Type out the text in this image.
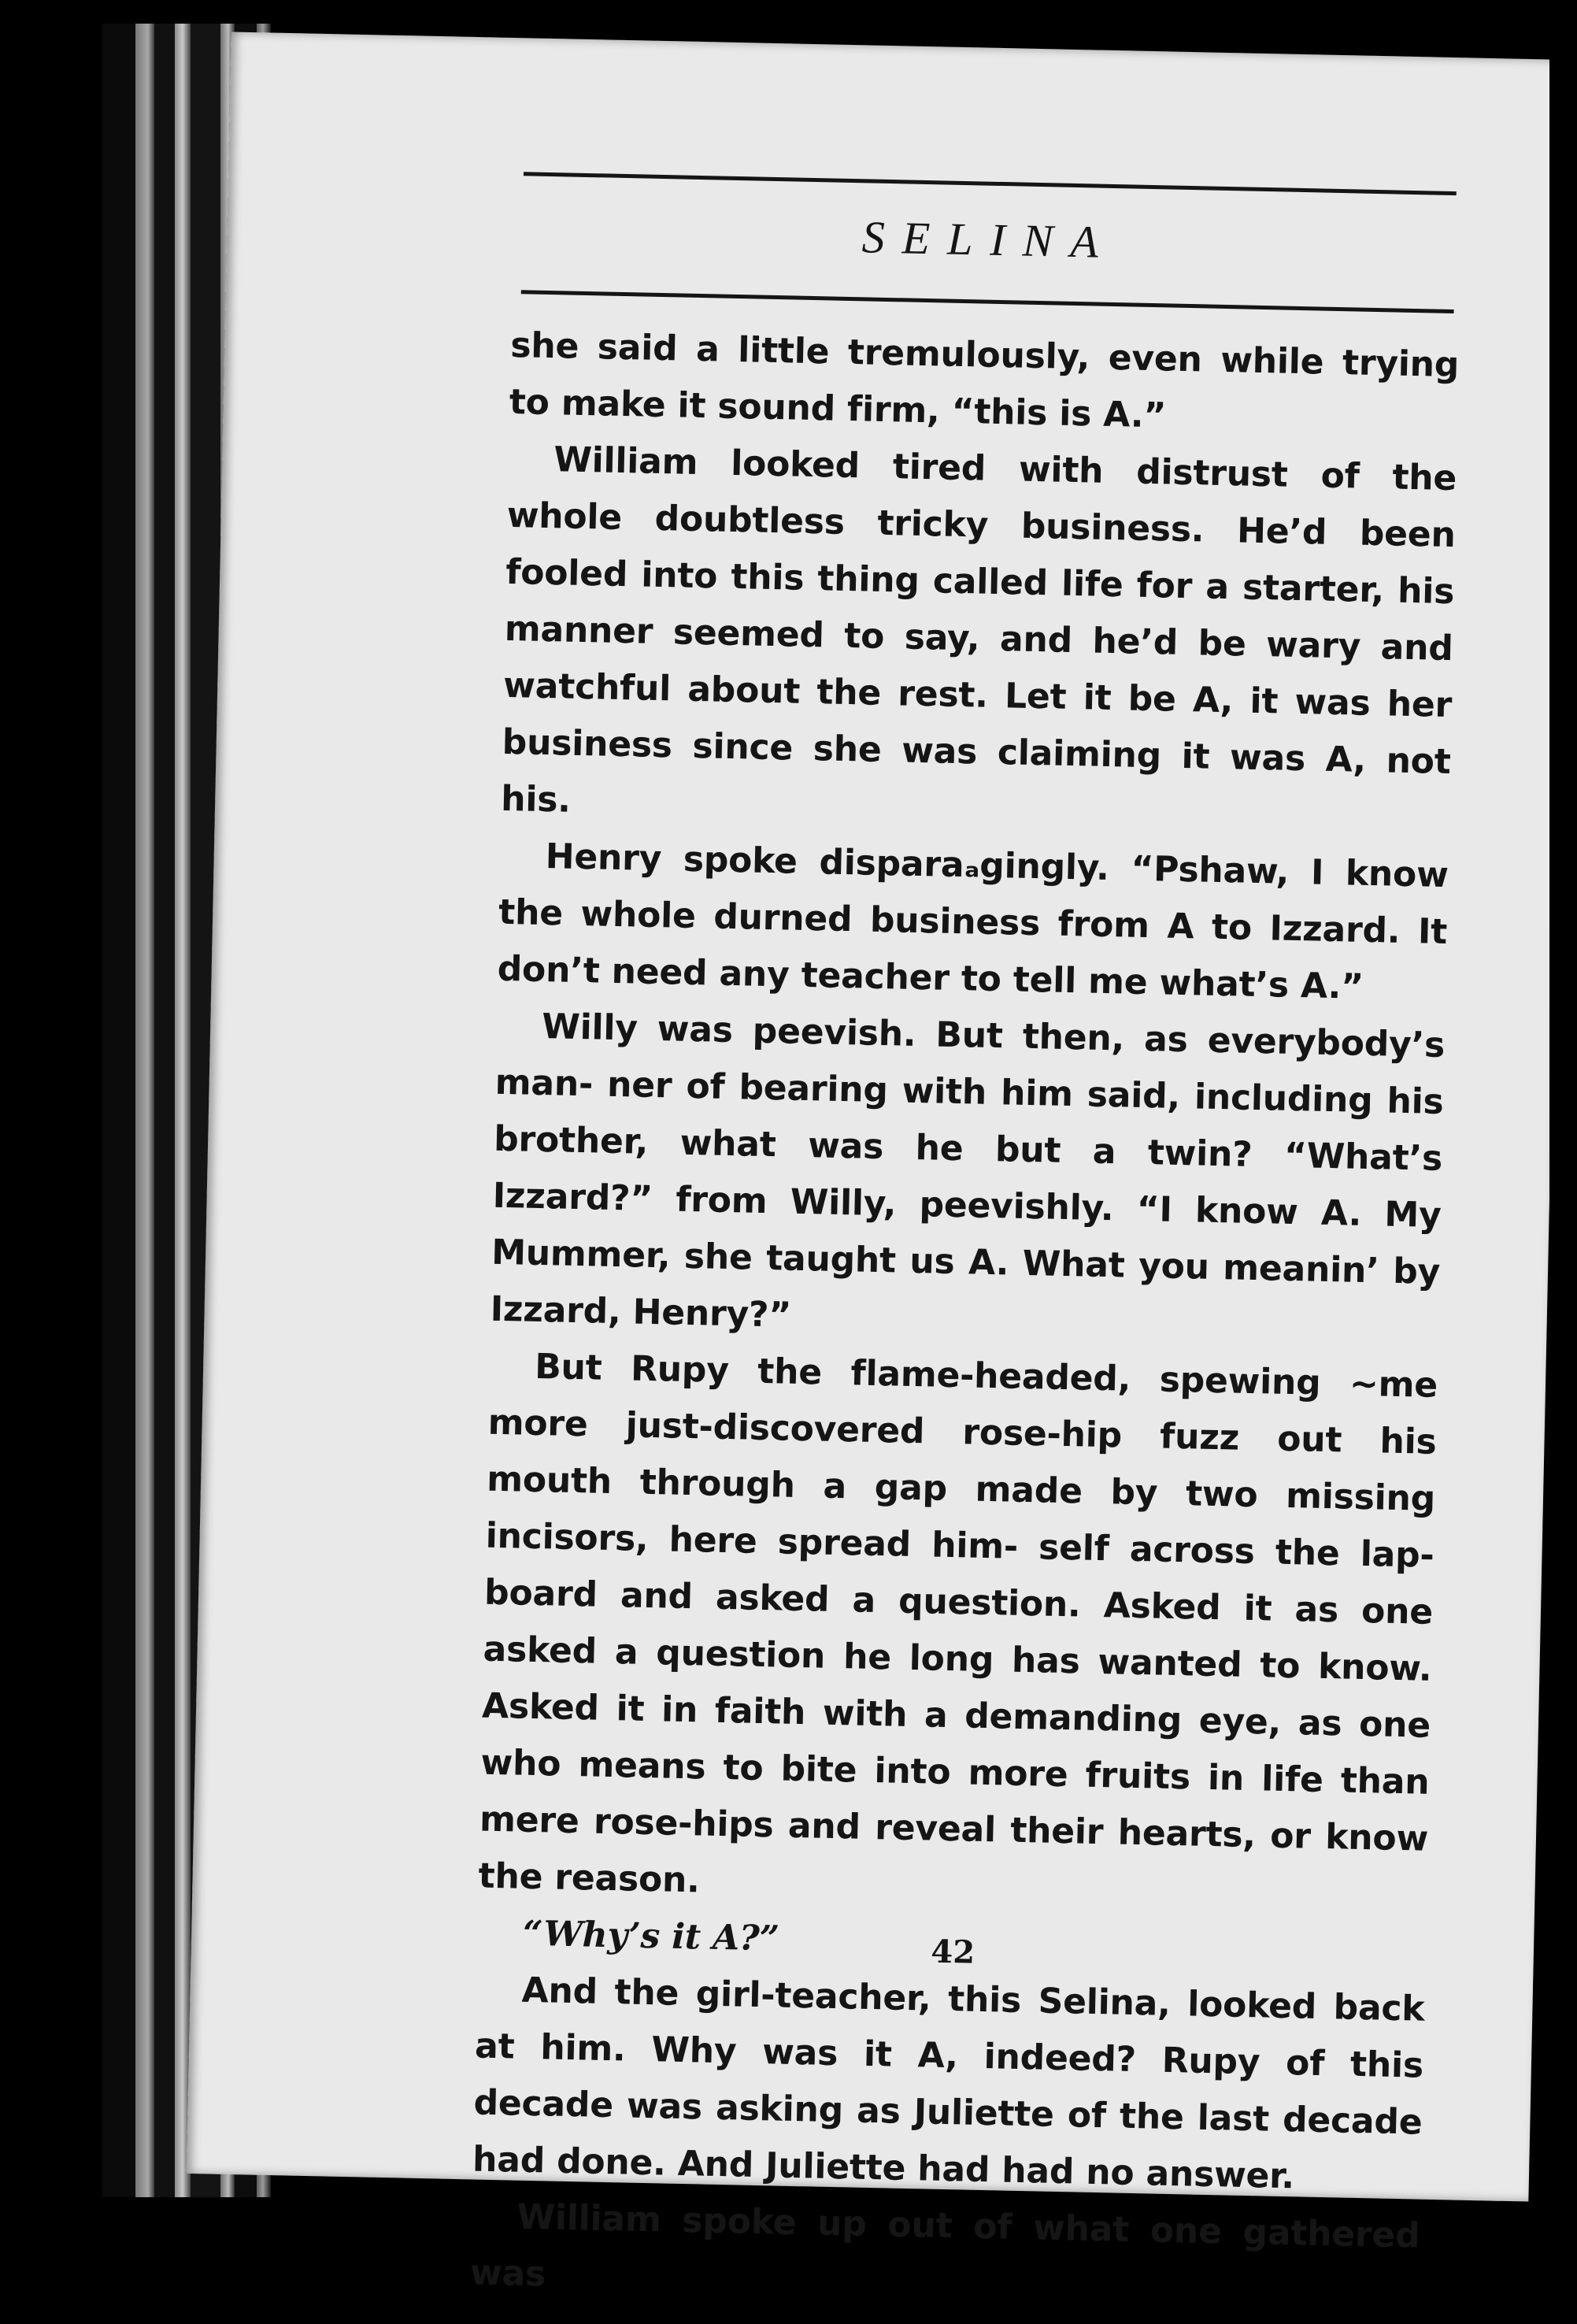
SELINA

she said a little tremulously, even while trying to make it sound firm, “this is A.”

William looked tired with distrust of the whole doubtless tricky business. He’d been fooled into this thing called life for a starter, his manner seemed to say, and he’d be wary and watchful about the rest. Let it be A, it was her business since she was claiming it was A, not his.

Henry spoke disparaₐgingly. “Pshaw, I know the whole durned business from A to Izzard. It don’t need any teacher to tell me what’s A.”

Willy was peevish. But then, as everybody’s man- ner of bearing with him said, including his brother, what was he but a twin? “What’s Izzard?” from Willy, peevishly. “I know A. My Mummer, she taught us A. What you meanin’ by Izzard, Henry?”

But Rupy the flame-headed, spewing ~me more just-discovered rose-hip fuzz out his mouth through a gap made by two missing incisors, here spread him- self across the lap-board and asked a question. Asked it as one asked a question he long has wanted to know. Asked it in faith with a demanding eye, as one who means to bite into more fruits in life than mere rose-hips and reveal their hearts, or know the reason.

“Why’s it A?”

And the girl-teacher, this Selina, looked back at him. Why was it A, indeed? Rupy of this decade was asking as Juliette of the last decade had done. And Juliette had had no answer.

William spoke up out of what one gathered was

42
